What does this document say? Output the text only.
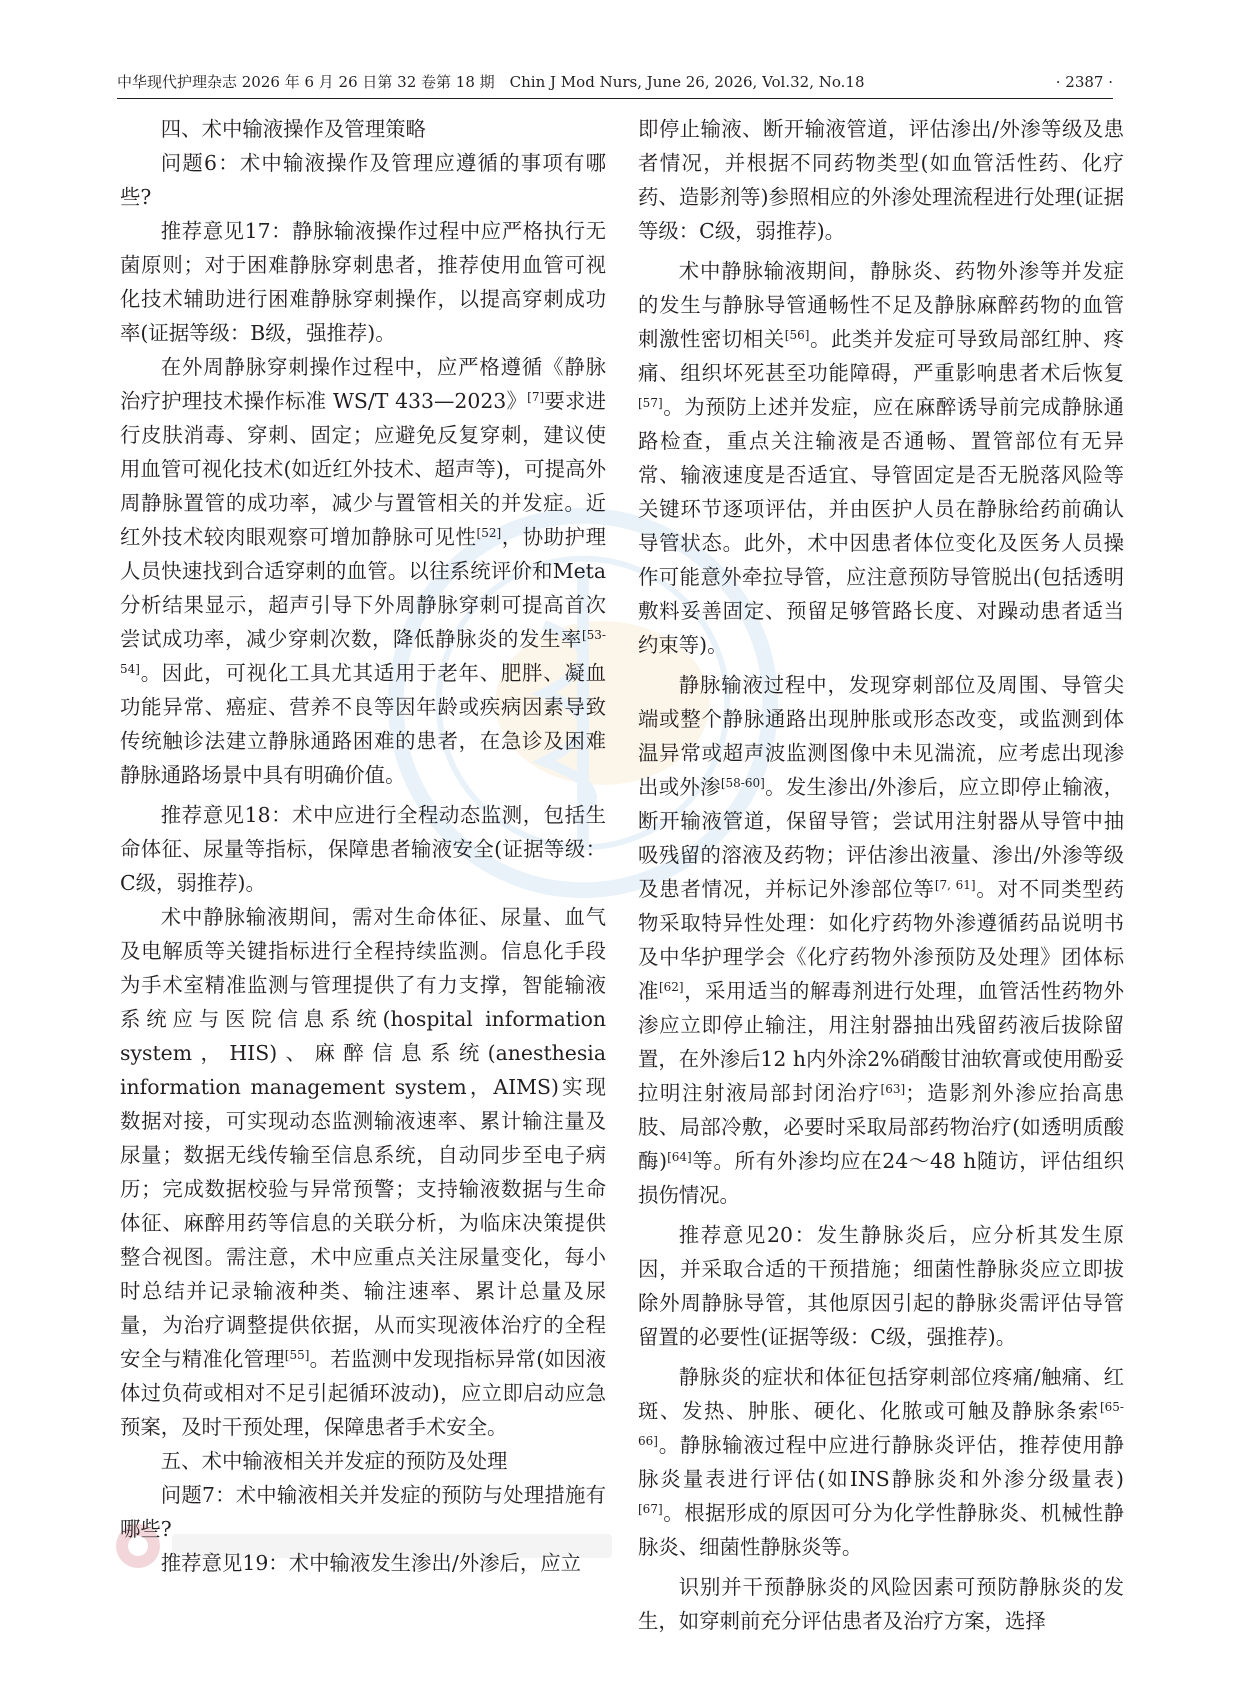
中华现代护理杂志 2026 年 6 月 26 日第 32 卷第 18 期　Chin J Mod Nurs, June 26, 2026, Vol.32, No.18	· 2387 ·

四、术中输液操作及管理策略

问题6：术中输液操作及管理应遵循的事项有哪些?

推荐意见17：静脉输液操作过程中应严格执行无菌原则；对于困难静脉穿刺患者，推荐使用血管可视化技术辅助进行困难静脉穿刺操作，以提高穿刺成功率(证据等级：B级，强推荐)。

在外周静脉穿刺操作过程中，应严格遵循《静脉治疗护理技术操作标准 WS/T 433—2023》[7]要求进行皮肤消毒、穿刺、固定；应避免反复穿刺，建议使用血管可视化技术(如近红外技术、超声等)，可提高外周静脉置管的成功率，减少与置管相关的并发症。近红外技术较肉眼观察可增加静脉可见性[52]，协助护理人员快速找到合适穿刺的血管。以往系统评价和Meta分析结果显示，超声引导下外周静脉穿刺可提高首次尝试成功率，减少穿刺次数，降低静脉炎的发生率[53-54]。因此，可视化工具尤其适用于老年、肥胖、凝血功能异常、癌症、营养不良等因年龄或疾病因素导致传统触诊法建立静脉通路困难的患者，在急诊及困难静脉通路场景中具有明确价值。

推荐意见18：术中应进行全程动态监测，包括生命体征、尿量等指标，保障患者输液安全(证据等级：C级，弱推荐)。

术中静脉输液期间，需对生命体征、尿量、血气及电解质等关键指标进行全程持续监测。信息化手段为手术室精准监测与管理提供了有力支撑，智能输液系统应与医院信息系统(hospital information system，HIS)、麻醉信息系统(anesthesia information management system，AIMS)实现数据对接，可实现动态监测输液速率、累计输注量及尿量；数据无线传输至信息系统，自动同步至电子病历；完成数据校验与异常预警；支持输液数据与生命体征、麻醉用药等信息的关联分析，为临床决策提供整合视图。需注意，术中应重点关注尿量变化，每小时总结并记录输液种类、输注速率、累计总量及尿量，为治疗调整提供依据，从而实现液体治疗的全程安全与精准化管理[55]。若监测中发现指标异常(如因液体过负荷或相对不足引起循环波动)，应立即启动应急预案，及时干预处理，保障患者手术安全。

五、术中输液相关并发症的预防及处理

问题7：术中输液相关并发症的预防与处理措施有哪些?

推荐意见19：术中输液发生渗出/外渗后，应立

即停止输液、断开输液管道，评估渗出/外渗等级及患者情况，并根据不同药物类型(如血管活性药、化疗药、造影剂等)参照相应的外渗处理流程进行处理(证据等级：C级，弱推荐)。

术中静脉输液期间，静脉炎、药物外渗等并发症的发生与静脉导管通畅性不足及静脉麻醉药物的血管刺激性密切相关[56]。此类并发症可导致局部红肿、疼痛、组织坏死甚至功能障碍，严重影响患者术后恢复[57]。为预防上述并发症，应在麻醉诱导前完成静脉通路检查，重点关注输液是否通畅、置管部位有无异常、输液速度是否适宜、导管固定是否无脱落风险等关键环节逐项评估，并由医护人员在静脉给药前确认导管状态。此外，术中因患者体位变化及医务人员操作可能意外牵拉导管，应注意预防导管脱出(包括透明敷料妥善固定、预留足够管路长度、对躁动患者适当约束等)。

静脉输液过程中，发现穿刺部位及周围、导管尖端或整个静脉通路出现肿胀或形态改变，或监测到体温异常或超声波监测图像中未见湍流，应考虑出现渗出或外渗[58-60]。发生渗出/外渗后，应立即停止输液，断开输液管道，保留导管；尝试用注射器从导管中抽吸残留的溶液及药物；评估渗出液量、渗出/外渗等级及患者情况，并标记外渗部位等[7, 61]。对不同类型药物采取特异性处理：如化疗药物外渗遵循药品说明书及中华护理学会《化疗药物外渗预防及处理》团体标准[62]，采用适当的解毒剂进行处理，血管活性药物外渗应立即停止输注，用注射器抽出残留药液后拔除留置，在外渗后12 h内外涂2%硝酸甘油软膏或使用酚妥拉明注射液局部封闭治疗[63]；造影剂外渗应抬高患肢、局部冷敷，必要时采取局部药物治疗(如透明质酸酶)[64]等。所有外渗均应在24～48 h随访，评估组织损伤情况。

推荐意见20：发生静脉炎后，应分析其发生原因，并采取合适的干预措施；细菌性静脉炎应立即拔除外周静脉导管，其他原因引起的静脉炎需评估导管留置的必要性(证据等级：C级，强推荐)。

静脉炎的症状和体征包括穿刺部位疼痛/触痛、红斑、发热、肿胀、硬化、化脓或可触及静脉条索[65-66]。静脉输液过程中应进行静脉炎评估，推荐使用静脉炎量表进行评估(如INS静脉炎和外渗分级量表)[67]。根据形成的原因可分为化学性静脉炎、机械性静脉炎、细菌性静脉炎等。

识别并干预静脉炎的风险因素可预防静脉炎的发生，如穿刺前充分评估患者及治疗方案，选择
